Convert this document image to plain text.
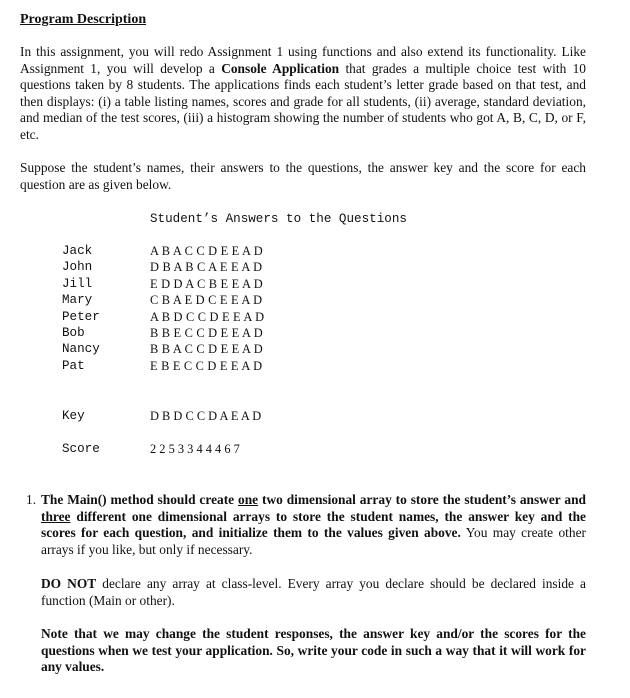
Program Description
In this assignment, you will redo Assignment 1 using functions and also extend its functionality. Like Assignment 1, you will develop a Console Application that grades a multiple choice test with 10 questions taken by 8 students. The applications finds each student’s letter grade based on that test, and then displays: (i) a table listing names, scores and grade for all students, (ii) average, standard deviation, and median of the test scores, (iii) a histogram showing the number of students who got A, B, C, D, or F, etc.
Suppose the student’s names, their answers to the questions, the answer key and the score for each question are as given below.
Student’s Answers to the Questions
Jack
John
Jill
Mary
Peter
Bob
Nancy
Pat
A B A C C D E E A D
D B A B C A E E A D
E D D A C B E E A D
C B A E D C E E A D
A B D C C D E E A D
B B E C C D E E A D
B B A C C D E E A D
E B E C C D E E A D
Key	D B D C C D A E A D
Score	2 2 5 3 3 4 4 4 6 7
1. The Main() method should create one two dimensional array to store the student’s answer and three different one dimensional arrays to store the student names, the answer key and the scores for each question, and initialize them to the values given above. You may create other arrays if you like, but only if necessary.
DO NOT declare any array at class-level. Every array you declare should be declared inside a function (Main or other).
Note that we may change the student responses, the answer key and/or the scores for the questions when we test your application. So, write your code in such a way that it will work for any values.
